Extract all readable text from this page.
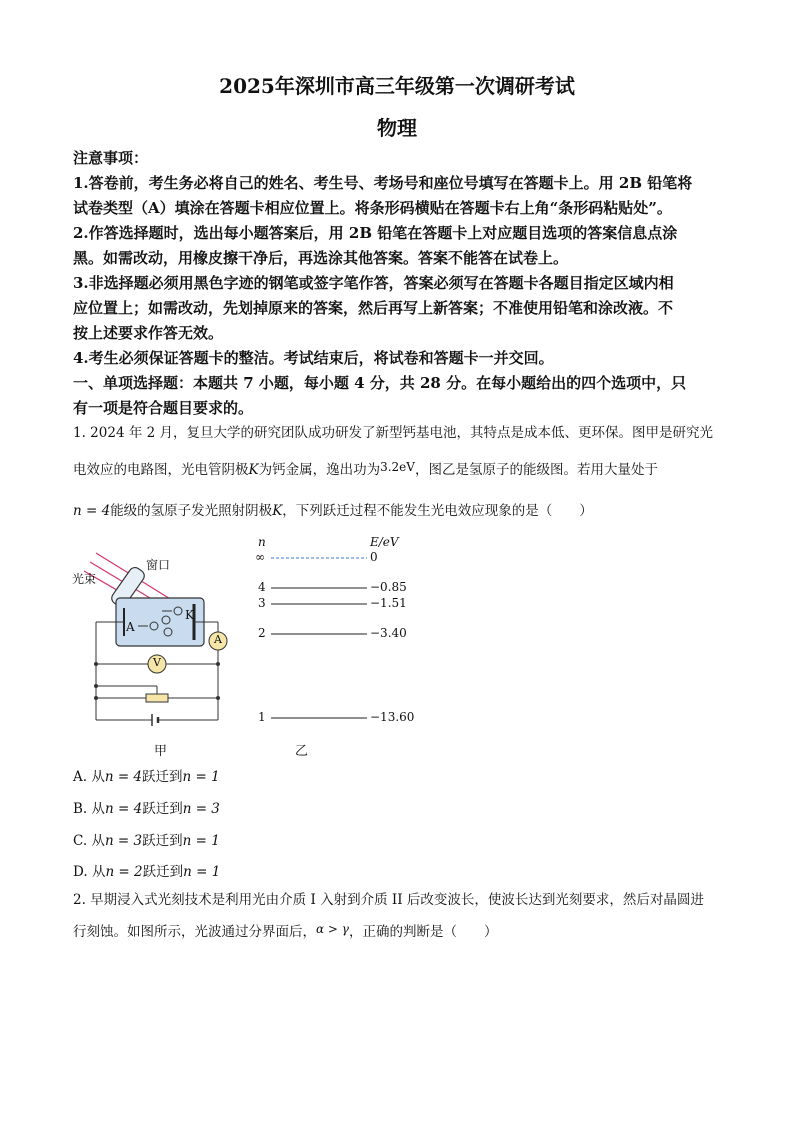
2025年深圳市高三年级第一次调研考试
物理
注意事项：
1.答卷前，考生务必将自己的姓名、考生号、考场号和座位号填写在答题卡上。用 2B 铅笔将
试卷类型（A）填涂在答题卡相应位置上。将条形码横贴在答题卡右上角“条形码粘贴处”。
2.作答选择题时，选出每小题答案后，用 2B 铅笔在答题卡上对应题目选项的答案信息点涂
黑。如需改动，用橡皮擦干净后，再选涂其他答案。答案不能答在试卷上。
3.非选择题必须用黑色字迹的钢笔或签字笔作答，答案必须写在答题卡各题目指定区域内相
应位置上；如需改动，先划掉原来的答案，然后再写上新答案；不准使用铅笔和涂改液。不
按上述要求作答无效。
4.考生必须保证答题卡的整洁。考试结束后，将试卷和答题卡一并交回。
一、单项选择题：本题共 7 小题，每小题 4 分，共 28 分。在每小题给出的四个选项中，只
有一项是符合题目要求的。
1. 2024 年 2 月，复旦大学的研究团队成功研发了新型钙基电池，其特点是成本低、更环保。图甲是研究光
电效应的电路图，光电管阴极K为钙金属，逸出功为3.2eV，图乙是氢原子的能级图。若用大量处于
n = 4能级的氢原子发光照射阴极K，下列跃迁过程不能发生光电效应现象的是（　　）
光束
窗口
K
A
A
V
甲
n	E/eV
∞	0
4	−0.85
3	−1.51
2	−3.40
1	−13.60
乙
A. 从n = 4跃迁到n = 1
B. 从n = 4跃迁到n = 3
C. 从n = 3跃迁到n = 1
D. 从n = 2跃迁到n = 1
2. 早期浸入式光刻技术是利用光由介质 I 入射到介质 II 后改变波长，使波长达到光刻要求，然后对晶圆进
行刻蚀。如图所示，光波通过分界面后，α > γ，正确的判断是（　　）
